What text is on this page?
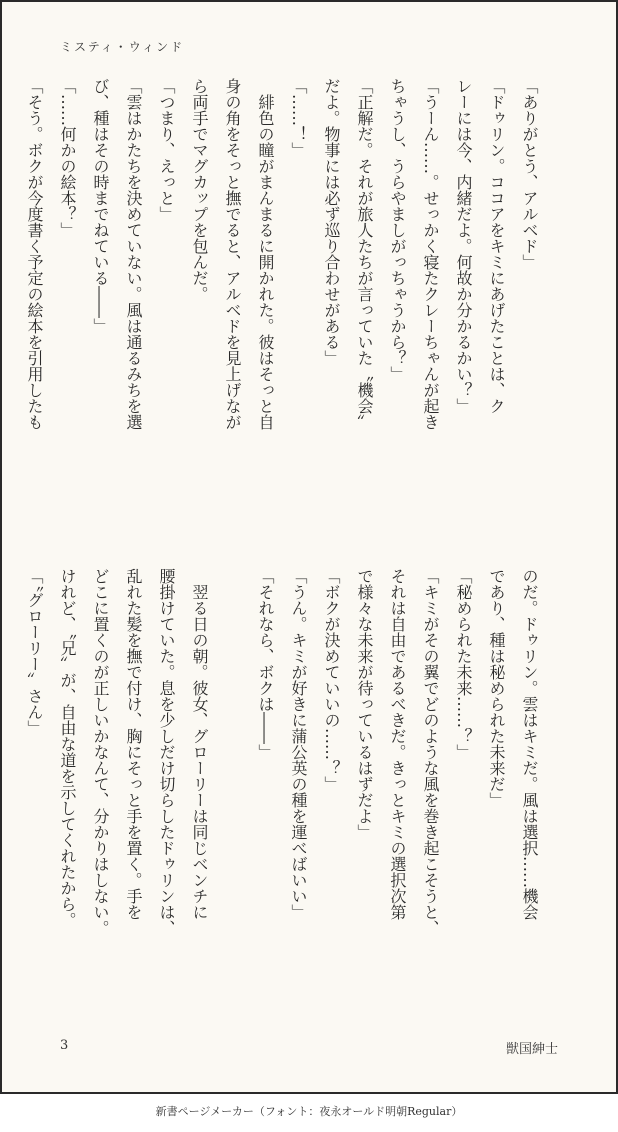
ミスティ・ウィンド
「ありがとう、アルベド」
「ドゥリン。ココアをキミにあげたことは、ク
レーには今、内緒だよ。何故か分かるかい？」
「うーん……。せっかく寝たクレーちゃんが起き
ちゃうし、うらやましがっちゃうから？」
「正解だ。それが旅人たちが言っていた〝機会〞
だよ。物事には必ず巡り合わせがある」
「……！」
　緋色の瞳がまんまるに開かれた。彼はそっと自
身の角をそっと撫でると、アルベドを見上げなが
ら両手でマグカップを包んだ。
「つまり、えっと」
「雲はかたちを決めていない。風は通るみちを選
び、種はその時までねている――」
「……何かの絵本？」
「そう。ボクが今度書く予定の絵本を引用したも
のだ。ドゥリン。雲はキミだ。風は選択……機会
であり、種は秘められた未来だ」
「秘められた未来……？」
「キミがその翼でどのような風を巻き起こそうと、
それは自由であるべきだ。きっとキミの選択次第
で様々な未来が待っているはずだよ」
「ボクが決めていいの……？」
「うん。キミが好きに蒲公英の種を運べばいい」
「それなら、ボクは――」

　翌る日の朝。彼女、グローリーは同じベンチに
腰掛けていた。息を少しだけ切らしたドゥリンは、
乱れた髪を撫で付け、胸にそっと手を置く。手を
どこに置くのが正しいかなんて、分かりはしない。
けれど、〝兄〞が、自由な道を示してくれたから。
「〝グローリー〞さん」
3	獣国紳士
新書ページメーカー（フォント：夜永オールド明朝Regular）
